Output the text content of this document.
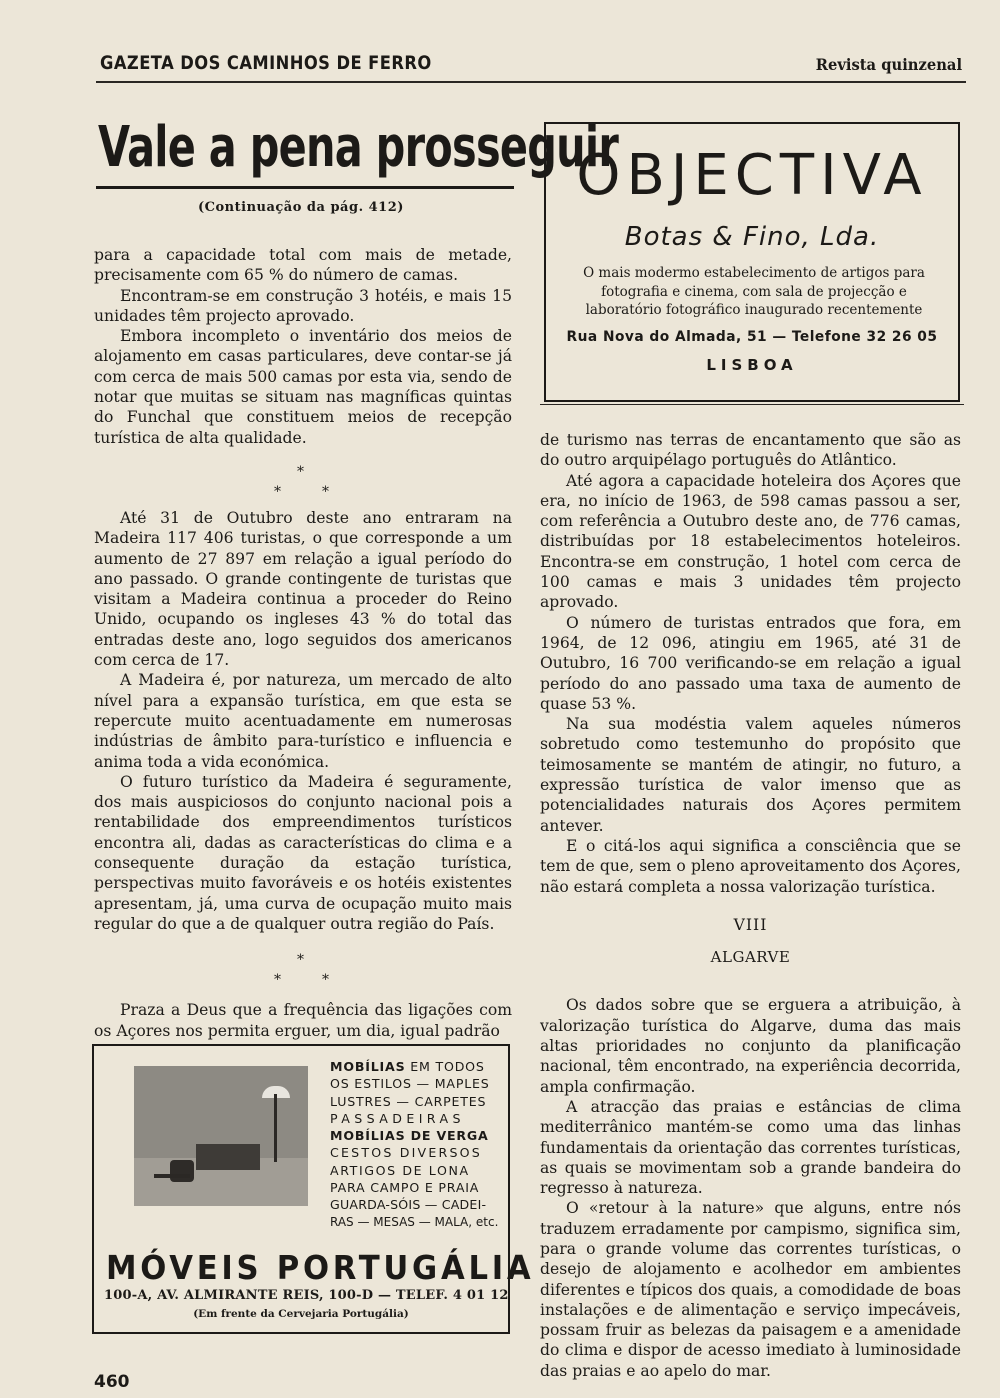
GAZETA DOS CAMINHOS DE FERRO	Revista quinzenal
Vale a pena prosseguir
(Continuação da pág. 412)

para a capacidade total com mais de metade, precisamente com 65 % do número de camas.

Encontram-se em construção 3 hotéis, e mais 15 unidades têm projecto aprovado.

Embora incompleto o inventário dos meios de alojamento em casas particulares, deve contar-se já com cerca de mais 500 camas por esta via, sendo de notar que muitas se situam nas magníficas quintas do Funchal que constituem meios de recepção turística de alta qualidade.

*
*	*

Até 31 de Outubro deste ano entraram na Madeira 117 406 turistas, o que corresponde a um aumento de 27 897 em relação a igual período do ano passado. O grande contingente de turistas que visitam a Madeira continua a proceder do Reino Unido, ocupando os ingleses 43 % do total das entradas deste ano, logo seguidos dos americanos com cerca de 17.

A Madeira é, por natureza, um mercado de alto nível para a expansão turística, em que esta se repercute muito acentuadamente em numerosas indústrias de âmbito para-turístico e influencia e anima toda a vida económica.

O futuro turístico da Madeira é seguramente, dos mais auspiciosos do conjunto nacional pois a rentabilidade dos empreendimentos turísticos encontra ali, dadas as características do clima e a consequente duração da estação turística, perspectivas muito favoráveis e os hotéis existentes apresentam, já, uma curva de ocupação muito mais regular do que a de qualquer outra região do País.

*
*	*

Praza a Deus que a frequência das ligações com os Açores nos permita erguer, um dia, igual padrão

OBJECTIVA
Botas & Fino, Lda.
O mais modermo estabelecimento de artigos para fotografia e cinema, com sala de projecção e laboratório fotográfico inaugurado recentemente
Rua Nova do Almada, 51 — Telefone 32 26 05
LISBOA

de turismo nas terras de encantamento que são as do outro arquipélago português do Atlântico.

Até agora a capacidade hoteleira dos Açores que era, no início de 1963, de 598 camas passou a ser, com referência a Outubro deste ano, de 776 camas, distribuídas por 18 estabelecimentos hoteleiros. Encontra-se em construção, 1 hotel com cerca de 100 camas e mais 3 unidades têm projecto aprovado.

O número de turistas entrados que fora, em 1964, de 12 096, atingiu em 1965, até 31 de Outubro, 16 700 verificando-se em relação a igual período do ano passado uma taxa de aumento de quase 53 %.

Na sua modéstia valem aqueles números sobretudo como testemunho do propósito que teimosamente se mantém de atingir, no futuro, a expressão turística de valor imenso que as potencialidades naturais dos Açores permitem antever.

E o citá-los aqui significa a consciência que se tem de que, sem o pleno aproveitamento dos Açores, não estará completa a nossa valorização turística.

VIII

ALGARVE

Os dados sobre que se erguera a atribuição, à valorização turística do Algarve, duma das mais altas prioridades no conjunto da planificação nacional, têm encontrado, na experiência decorrida, ampla confirmação.

A atracção das praias e estâncias de clima mediterrânico mantém-se como uma das linhas fundamentais da orientação das correntes turísticas, as quais se movimentam sob a grande bandeira do regresso à natureza.

O «retour à la nature» que alguns, entre nós traduzem erradamente por campismo, significa sim, para o grande volume das correntes turísticas, o desejo de alojamento e acolhedor em ambientes diferentes e típicos dos quais, a comodidade de boas instalações e de alimentação e serviço impecáveis, possam fruir as belezas da paisagem e a amenidade do clima e dispor de acesso imediato à luminosidade das praias e ao apelo do mar.

MOBÍLIAS EM TODOS
OS ESTILOS — MAPLES
LUSTRES — CARPETES
PASSADEIRAS
MOBÍLIAS DE VERGA
CESTOS DIVERSOS
ARTIGOS DE LONA
PARA CAMPO E PRAIA
GUARDA-SÓIS — CADEI-
RAS — MESAS — MALA, etc.
MÓVEIS PORTUGÁLIA
100-A, AV. ALMIRANTE REIS, 100-D — TELEF. 4 01 12
(Em frente da Cervejaria Portugália)
460
